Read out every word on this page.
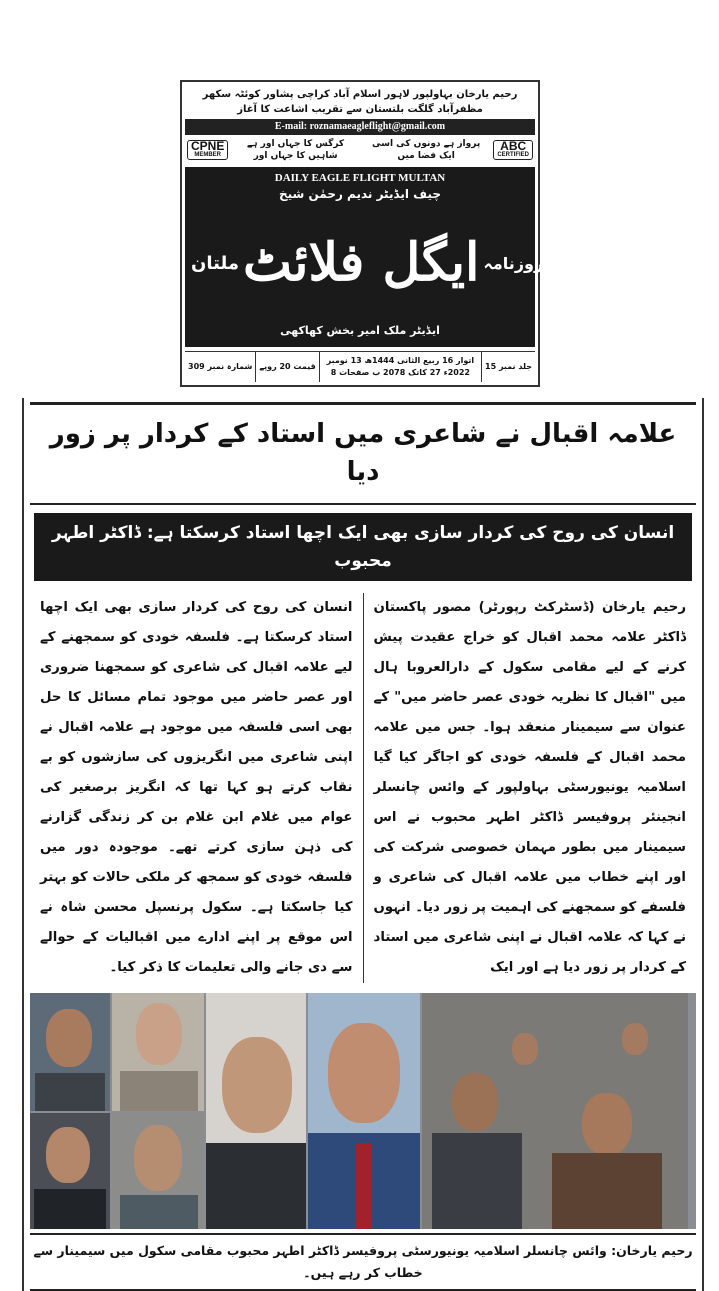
رحیم یارخان بہاولپور لاہور اسلام آباد کراچی پشاور کوئٹہ سکھر مظفرآباد گلگت بلتستان سے تقریب اشاعت کا آغاز
E-mail: roznamaeagleflight@gmail.com
CPNE
MEMBER
کرگس کا جہاں اور ہے شاہیں کا جہاں اور
پرواز ہے دونوں کی اسی ایک فضا میں
ABC
CERTIFIED
DAILY EAGLE FLIGHT MULTAN
چیف ایڈیٹر ندیم رحمٰن شیخ
ملتان ایگل فلائٹ روزنامہ
ایڈیٹر ملک امیر بخش کھاکھی
جلد نمبر 15
اتوار 16 ربیع الثانی 1444ھ 13 نومبر 2022ء 27 کاتک 2078 ب صفحات 8
قیمت 20 روپے
شمارہ نمبر 309
علامہ اقبال نے شاعری میں استاد کے کردار پر زور دیا
انسان کی روح کی کردار سازی بھی ایک اچھا استاد کرسکتا ہے: ڈاکٹر اطہر محبوب

رحیم یارخان (ڈسٹرکٹ رپورٹر) مصور پاکستان ڈاکٹر علامہ محمد اقبال کو خراج عقیدت پیش کرنے کے لیے مقامی سکول کے دارالعروبا ہال میں "اقبال کا نظریہ خودی عصر حاضر میں" کے عنوان سے سیمینار منعقد ہوا۔ جس میں علامہ محمد اقبال کے فلسفہ خودی کو اجاگر کیا گیا اسلامیہ یونیورسٹی بہاولپور کے وائس چانسلر انجینئر پروفیسر ڈاکٹر اطہر محبوب نے اس سیمینار میں بطور مہمان خصوصی شرکت کی اور اپنے خطاب میں علامہ اقبال کی شاعری و فلسفے کو سمجھنے کی اہمیت پر زور دیا۔ انہوں نے کہا کہ علامہ اقبال نے اپنی شاعری میں استاد کے کردار پر زور دیا ہے اور ایک

انسان کی روح کی کردار سازی بھی ایک اچھا استاد کرسکتا ہے۔ فلسفہ خودی کو سمجھنے کے لیے علامہ اقبال کی شاعری کو سمجھنا ضروری اور عصر حاضر میں موجود تمام مسائل کا حل بھی اسی فلسفہ میں موجود ہے علامہ اقبال نے اپنی شاعری میں انگریزوں کی سازشوں کو بے نقاب کرتے ہو کہا تھا کہ انگریز برصغیر کی عوام میں غلام ابن غلام بن کر زندگی گزارنے کی ذہن سازی کرتے تھے۔ موجودہ دور میں فلسفہ خودی کو سمجھ کر ملکی حالات کو بہتر کیا جاسکتا ہے۔ سکول پرنسپل محسن شاہ نے اس موقع پر اپنے ادارے میں اقبالیات کے حوالے سے دی جانے والی تعلیمات کا ذکر کیا۔

رحیم یارخان: وائس چانسلر اسلامیہ یونیورسٹی پروفیسر ڈاکٹر اطہر محبوب مقامی سکول میں سیمینار سے خطاب کر رہے ہیں۔
